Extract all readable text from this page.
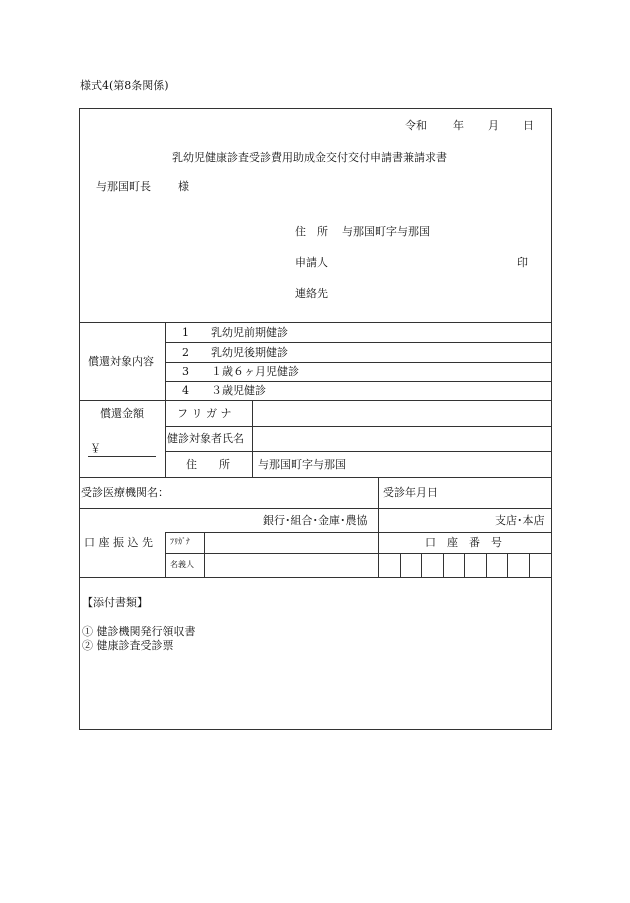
様式4(第8条関係)
令和 年 月 日
乳幼児健康診査受診費用助成金交付交付申請書兼請求書
与那国町長 様
住　所 与那国町字与那国
申請人	印
連絡先
償還対象内容
1 乳幼児前期健診
2 乳幼児後期健診
3 １歳６ヶ月児健診
4 ３歳児健診
償還金額
￥
フ リ ガ ナ
健診対象者氏名
住　　所	与那国町字与那国
受診医療機関名：	受診年月日
口 座 振 込 先
銀行･組合･金庫･農協	支店･本店
ﾌﾘｶﾞﾅ	口　座　番　号
名義人
【添付書類】
① 健診機関発行領収書
② 健康診査受診票
